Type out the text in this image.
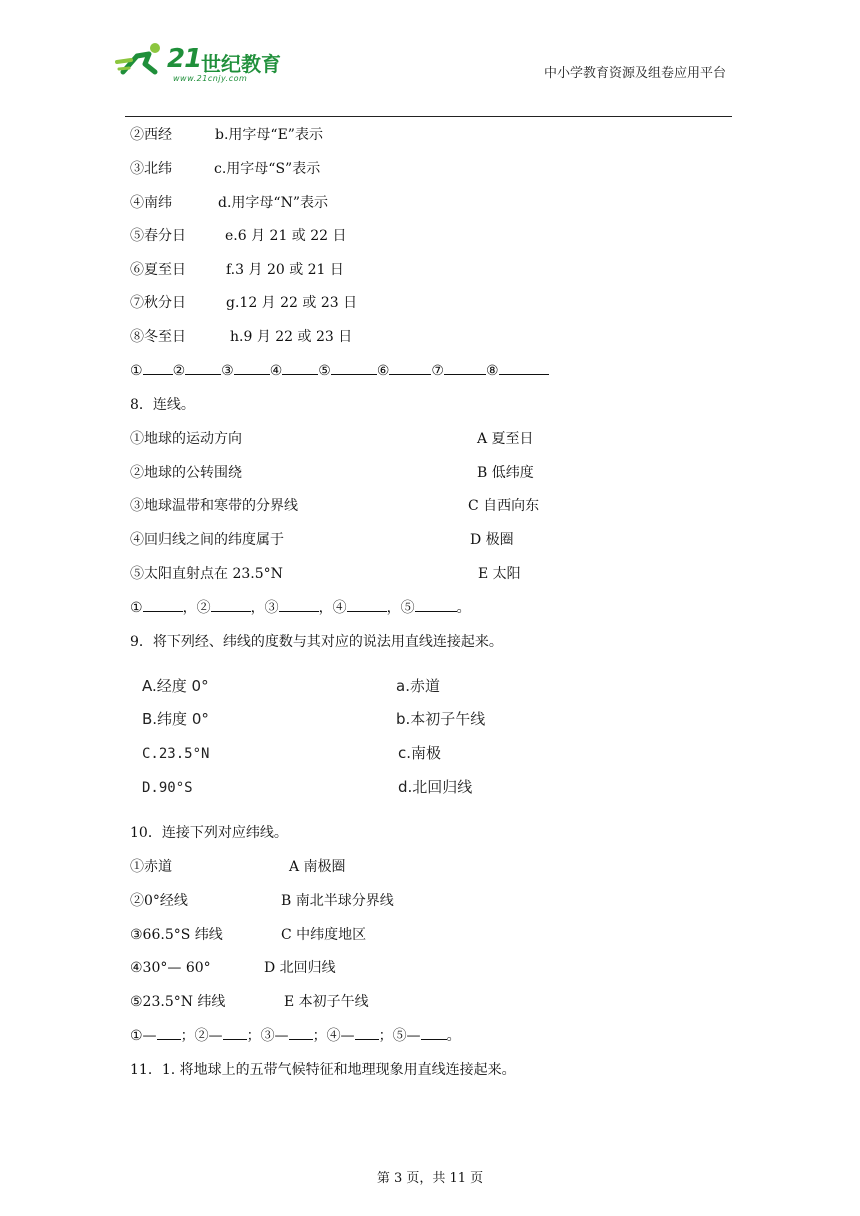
21 世纪教育
www.21cnjy.com	中小学教育资源及组卷应用平台
②西经	b.用字母“E”表示
③北纬	c.用字母“S”表示
④南纬	d.用字母“N”表示
⑤春分日	e.6 月 21 或 22 日
⑥夏至日	f.3 月 20 或 21 日
⑦秋分日	g.12 月 22 或 23 日
⑧冬至日	h.9 月 22 或 23 日
① ②	③	④	⑤	⑥	⑦	⑧
8．连线。
①地球的运动方向	A 夏至日
②地球的公转围绕	B 低纬度
③地球温带和寒带的分界线	C 自西向东
④回归线之间的纬度属于	D 极圈
⑤太阳直射点在 23.5°N	E 太阳
①	，②	，③	，④	，⑤	。
9．将下列经、纬线的度数与其对应的说法用直线连接起来。
A.经度 0°	a.赤道
B.纬度 0°	b.本初子午线
C.23.5°N	c.南极
D.90°S	d.北回归线
10．连接下列对应纬线。
①赤道	A 南极圈
②0°经线	B 南北半球分界线
③66.5°S 纬线	C 中纬度地区
④30°— 60°	D 北回归线
⑤23.5°N 纬线	E 本初子午线
①— ；②— ；③— ；④— ；⑤— 。
11．1. 将地球上的五带气候特征和地理现象用直线连接起来。
第 3 页，共 11 页
